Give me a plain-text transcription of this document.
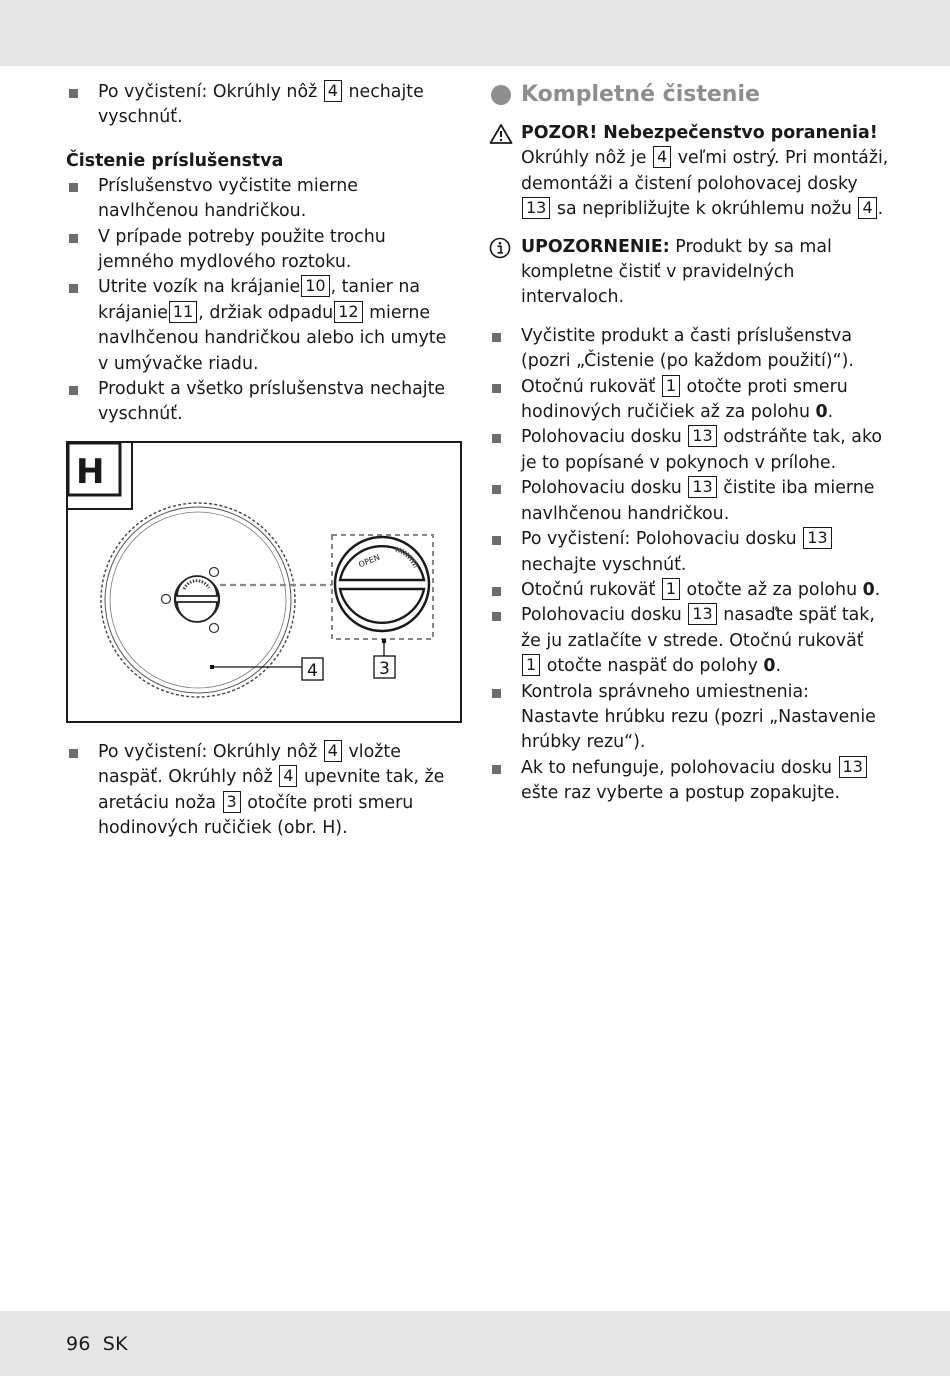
Po vyčistení: Okrúhly nôž 4 nechajte vyschnúť.
Čistenie príslušenstva
Príslušenstvo vyčistite mierne navlhčenou handričkou.
V prípade potreby použite trochu jemného mydlového roztoku.
Utrite vozík na krájanie 10 , tanier na krájanie 11 , držiak odpadu 12 mierne navlhčenou handričkou alebo ich umyte v umývačke riadu.
Produkt a všetko príslušenstva nechajte vyschnúť.
H
4
OPEN
3
Po vyčistení: Okrúhly nôž 4 vložte naspäť. Okrúhly nôž 4 upevnite tak, že aretáciu noža 3 otočíte proti smeru hodinových ručičiek (obr. H).
Kompletné čistenie
POZOR! Nebezpečenstvo poranenia!
Okrúhly nôž je 4 veľmi ostrý. Pri montáži, demontáži a čistení polohovacej dosky 13 sa nepribližujte k okrúhlemu nožu 4 .
UPOZORNENIE: Produkt by sa mal kompletne čistiť v pravidelných intervaloch.
Vyčistite produkt a časti príslušenstva (pozri „Čistenie (po každom použití)“).
Otočnú rukoväť 1 otočte proti smeru hodinových ručičiek až za polohu 0.
Polohovaciu dosku 13 odstráňte tak, ako je to popísané v pokynoch v prílohe.
Polohovaciu dosku 13 čistite iba mierne navlhčenou handričkou.
Po vyčistení: Polohovaciu dosku 13 nechajte vyschnúť.
Otočnú rukoväť 1 otočte až za polohu 0.
Polohovaciu dosku 13 nasaďte späť tak, že ju zatlačíte v strede. Otočnú rukoväť 1 otočte naspäť do polohy 0.
Kontrola správneho umiestnenia: Nastavte hrúbku rezu (pozri „Nastavenie hrúbky rezu“).
Ak to nefunguje, polohovaciu dosku 13 ešte raz vyberte a postup zopakujte.
96 SK
